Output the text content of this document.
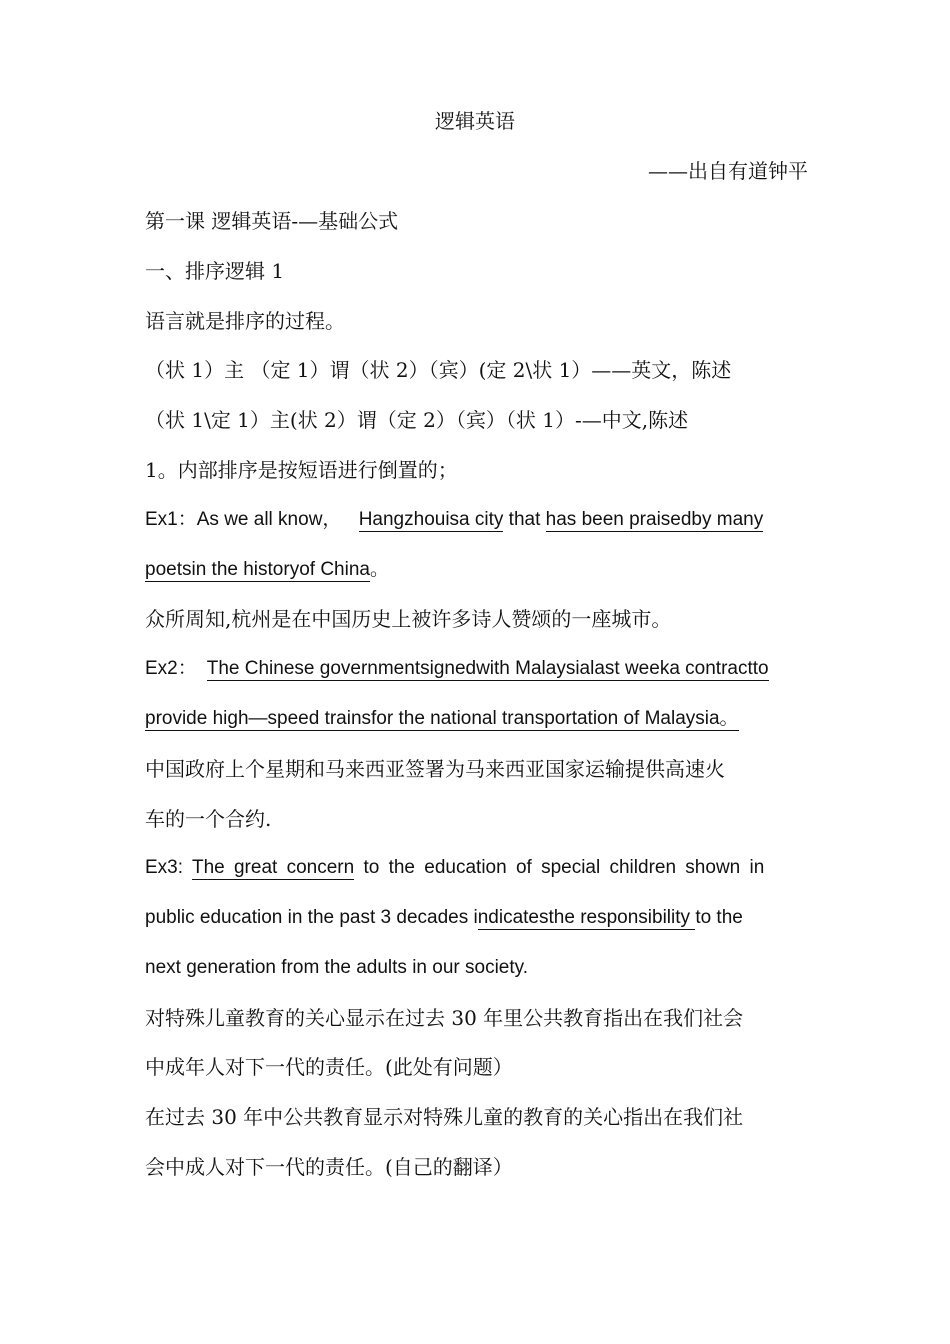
逻辑英语
——出自有道钟平
第一课 逻辑英语-—基础公式
一、排序逻辑 1
语言就是排序的过程。
（状 1）主 （定 1）谓（状 2）（宾）(定 2\状 1）——英文，陈述
（状 1\定 1）主(状 2）谓（定 2）（宾）（状 1）-—中文,陈述
1。内部排序是按短语进行倒置的；
Ex1：As we all know， Hangzhouisa city that has been praisedby many
poetsin the historyof China。
众所周知,杭州是在中国历史上被许多诗人赞颂的一座城市。
Ex2： The Chinese governmentsignedwith Malaysialast weeka contractto
provide high—speed trainsfor the national transportation of Malaysia。
中国政府上个星期和马来西亚签署为马来西亚国家运输提供高速火
车的一个合约.
Ex3: The great concern to the education of special children shown in
public education in the past 3 decades indicatesthe responsibility to the
next generation from the adults in our society.
对特殊儿童教育的关心显示在过去 30 年里公共教育指出在我们社会
中成年人对下一代的责任。(此处有问题）
在过去 30 年中公共教育显示对特殊儿童的教育的关心指出在我们社
会中成人对下一代的责任。(自己的翻译）
